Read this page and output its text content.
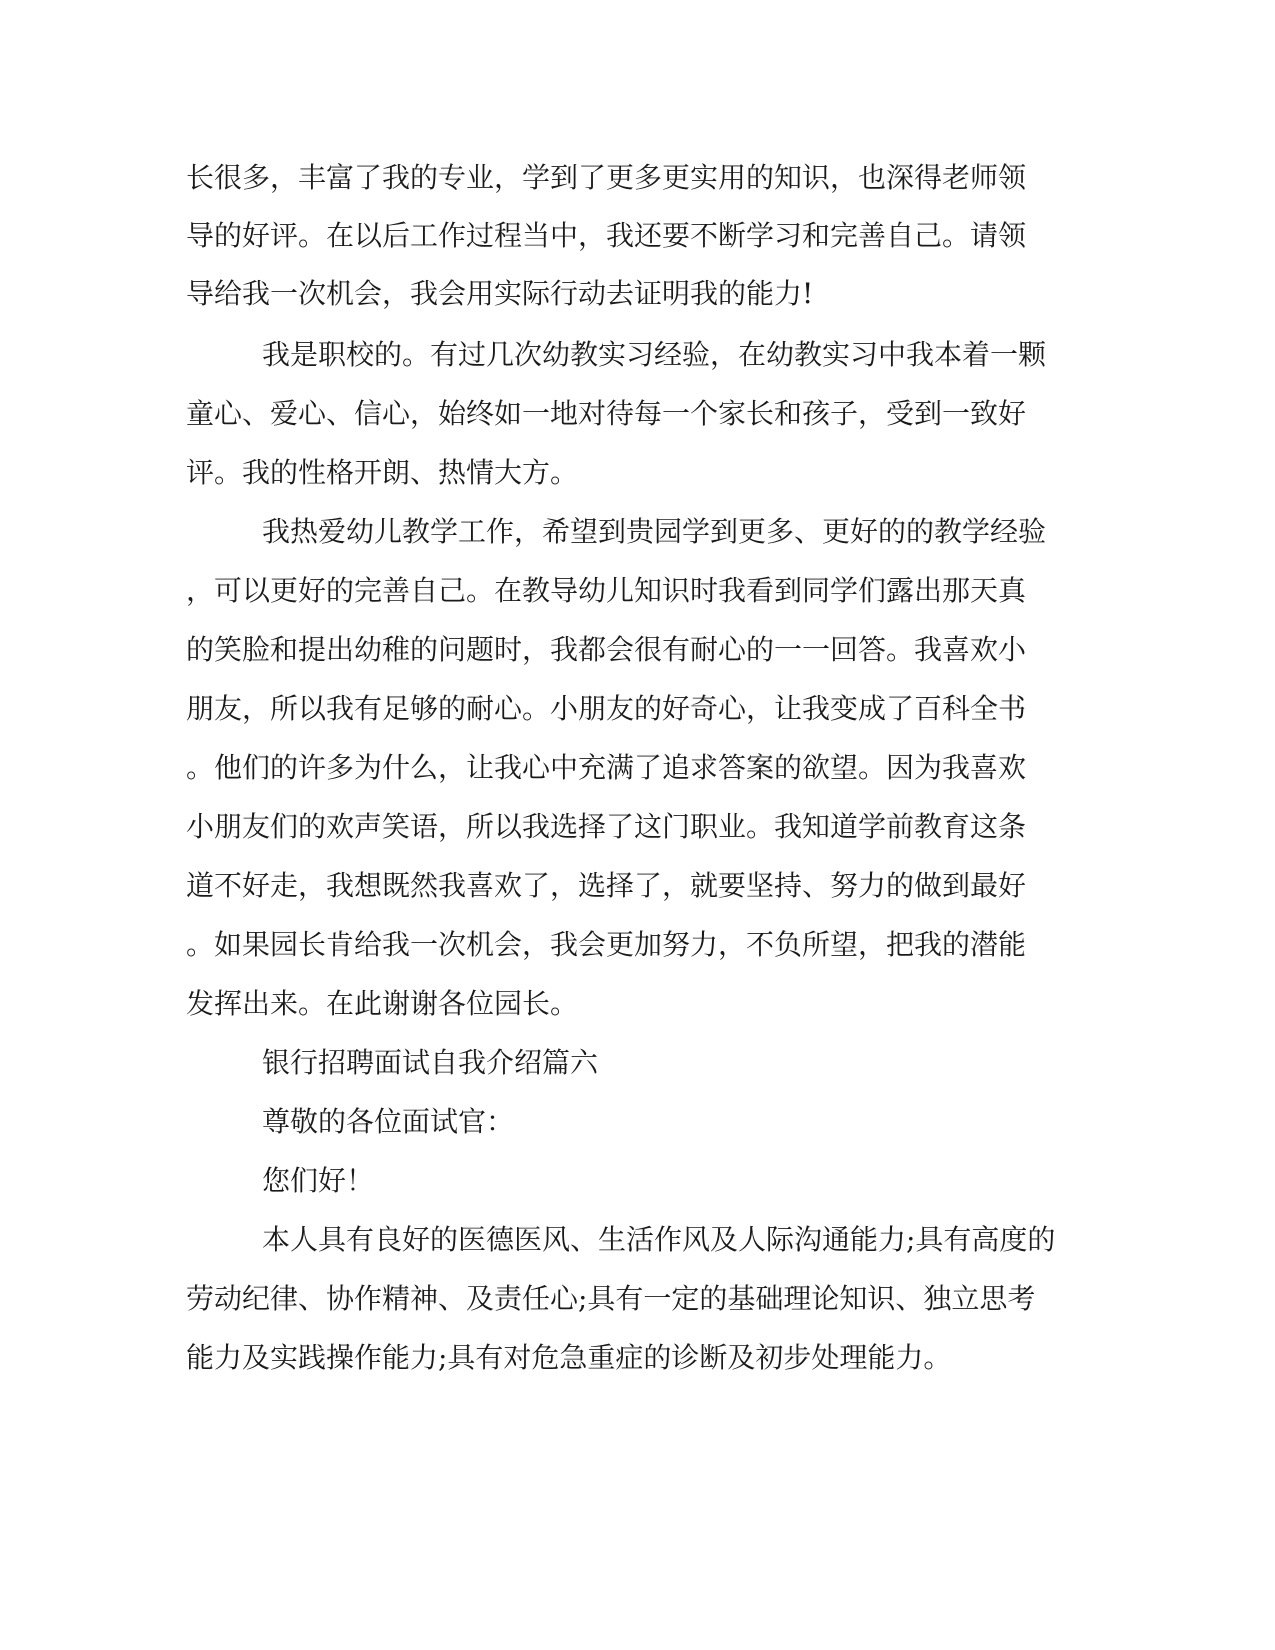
长很多，丰富了我的专业，学到了更多更实用的知识，也深得老师领
导的好评。在以后工作过程当中，我还要不断学习和完善自己。请领
导给我一次机会，我会用实际行动去证明我的能力!
我是职校的。有过几次幼教实习经验，在幼教实习中我本着一颗
童心、爱心、信心，始终如一地对待每一个家长和孩子，受到一致好
评。我的性格开朗、热情大方。
我热爱幼儿教学工作，希望到贵园学到更多、更好的的教学经验
，可以更好的完善自己。在教导幼儿知识时我看到同学们露出那天真
的笑脸和提出幼稚的问题时，我都会很有耐心的一一回答。我喜欢小
朋友，所以我有足够的耐心。小朋友的好奇心，让我变成了百科全书
。他们的许多为什么，让我心中充满了追求答案的欲望。因为我喜欢
小朋友们的欢声笑语，所以我选择了这门职业。我知道学前教育这条
道不好走，我想既然我喜欢了，选择了，就要坚持、努力的做到最好
。如果园长肯给我一次机会，我会更加努力，不负所望，把我的潜能
发挥出来。在此谢谢各位园长。
银行招聘面试自我介绍篇六
尊敬的各位面试官：
您们好！
本人具有良好的医德医风、生活作风及人际沟通能力;具有高度的
劳动纪律、协作精神、及责任心;具有一定的基础理论知识、独立思考
能力及实践操作能力;具有对危急重症的诊断及初步处理能力。
